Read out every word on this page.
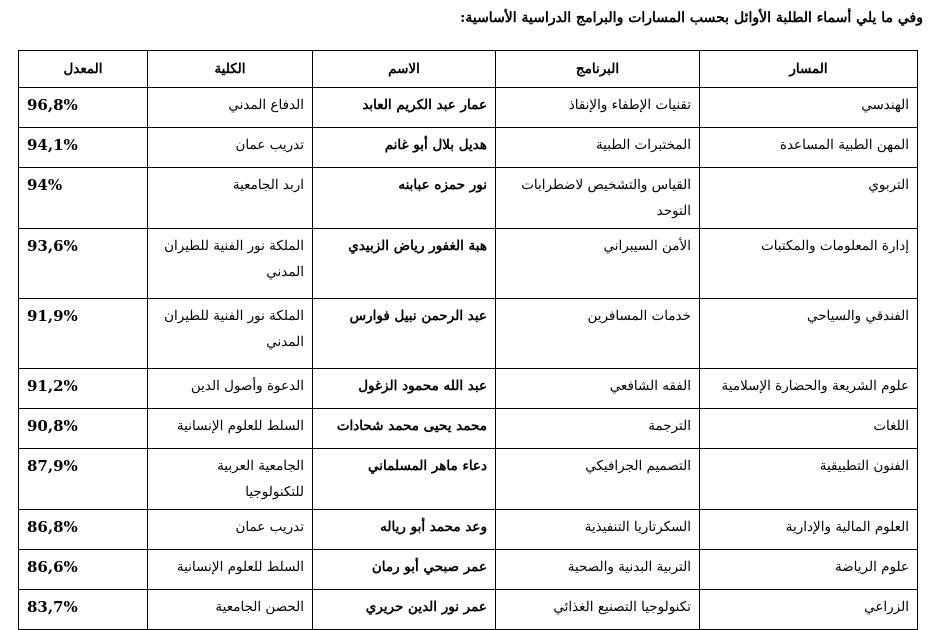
وفي ما يلي أسماء الطلبة الأوائل بحسب المسارات والبرامج الدراسية الأساسية:
المسار	البرنامج	الاسم	الكلية	المعدل
الهندسي	تقنيات الإطفاء والإنقاذ	عمار عبد الكريم العابد	الدفاع المدني	96,8%
المهن الطبية المساعدة	المختبرات الطبية	هديل بلال أبو غانم	تدريب عمان	94,1%
التربوي	القياس والتشخيص لاضطرابات التوحد	نور حمزه عبابنه	اربد الجامعية	94%
إدارة المعلومات والمكتبات	الأمن السيبراني	هبة الغفور رياض الزبيدي	الملكة نور الفنية للطيران المدني	93,6%
الفندقي والسياحي	خدمات المسافرين	عبد الرحمن نبيل فوارس	الملكة نور الفنية للطيران المدني	91,9%
علوم الشريعة والحضارة الإسلامية	الفقه الشافعي	عبد الله محمود الزغول	الدعوة وأصول الدين	91,2%
اللغات	الترجمة	محمد يحيى محمد شحادات	السلط للعلوم الإنسانية	90,8%
الفنون التطبيقية	التصميم الجرافيكي	دعاء ماهر المسلماني	الجامعية العربية للتكنولوجيا	87,9%
العلوم المالية والإدارية	السكرتاريا التنفيذية	وعد محمد أبو رياله	تدريب عمان	86,8%
علوم الرياضة	التربية البدنية والصحية	عمر صبحي أبو رمان	السلط للعلوم الإنسانية	86,6%
الزراعي	تكنولوجيا التصنيع الغذائي	عمر نور الدين حريري	الحصن الجامعية	83,7%
